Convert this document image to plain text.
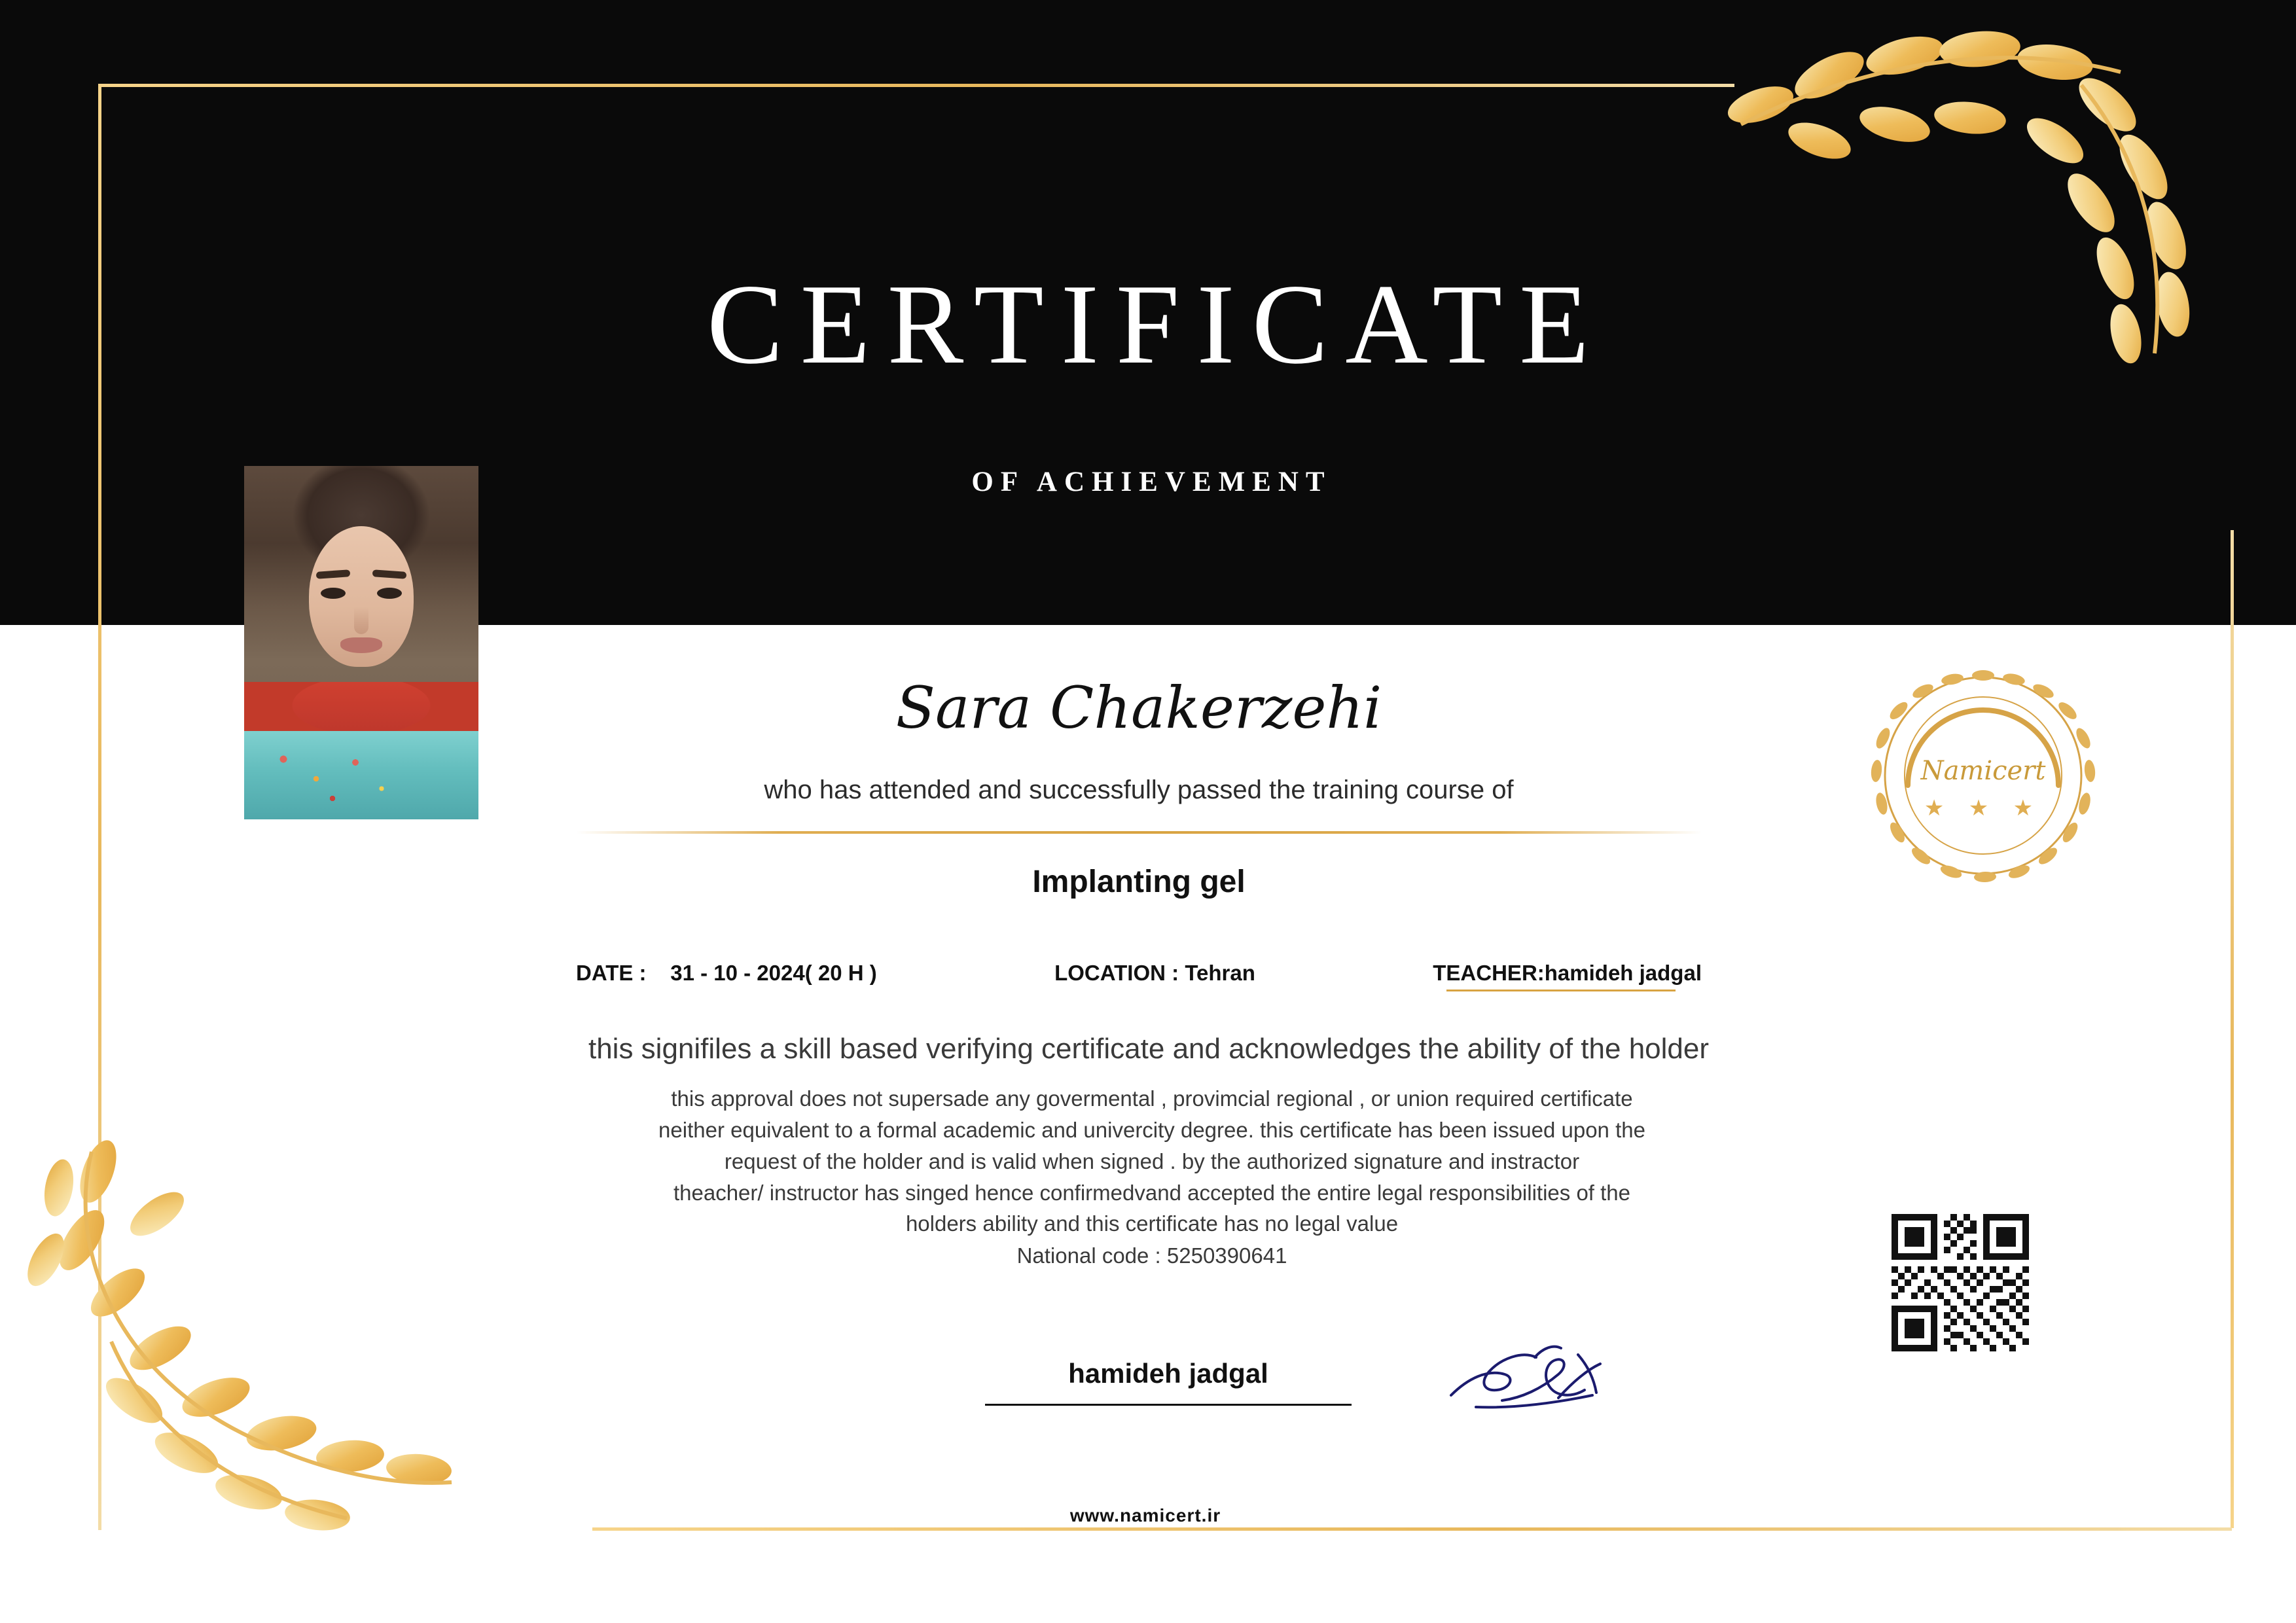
CERTIFICATE
OF ACHIEVEMENT
Sara Chakerzehi
who has attended and successfully passed the training course of
Implanting gel
DATE : 31 - 10 - 2024( 20 H )	LOCATION : Tehran	TEACHER:hamideh jadgal
this signifiles a skill based verifying certificate and acknowledges the ability of the holder
this approval does not supersade any govermental , provimcial regional , or union required certificate
neither equivalent to a formal academic and univercity degree. this certificate has been issued upon the
request of the holder and is valid when signed . by the authorized signature and instractor
theacher/ instructor has singed hence confirmedvand accepted the entire legal responsibilities of the
holders ability and this certificate has no legal value
National code : 5250390641
hamideh jadgal
www.namicert.ir
Namicert
★ ★ ★
